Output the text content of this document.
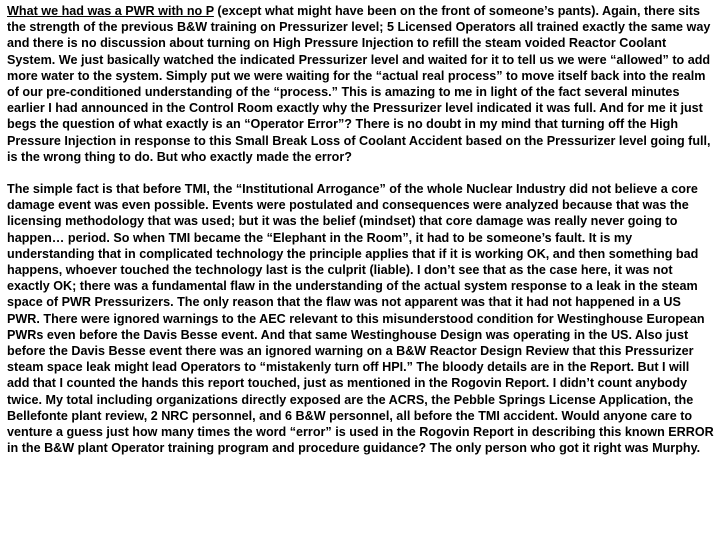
What we had was a PWR with no P (except what might have been on the front of someone’s pants). Again, there sits the strength of the previous B&W training on Pressurizer level; 5 Licensed Operators all trained exactly the same way and there is no discussion about turning on High Pressure Injection to refill the steam voided Reactor Coolant System. We just basically watched the indicated Pressurizer level and waited for it to tell us we were “allowed” to add more water to the system. Simply put we were waiting for the “actual real process” to move itself back into the realm of our pre-conditioned understanding of the “process.” This is amazing to me in light of the fact several minutes earlier I had announced in the Control Room exactly why the Pressurizer level indicated it was full. And for me it just begs the question of what exactly is an “Operator Error”? There is no doubt in my mind that turning off the High Pressure Injection in response to this Small Break Loss of Coolant Accident based on the Pressurizer level going full, is the wrong thing to do. But who exactly made the error?

The simple fact is that before TMI, the “Institutional Arrogance” of the whole Nuclear Industry did not believe a core damage event was even possible. Events were postulated and consequences were analyzed because that was the licensing methodology that was used; but it was the belief (mindset) that core damage was really never going to happen… period. So when TMI became the “Elephant in the Room”, it had to be someone’s fault. It is my understanding that in complicated technology the principle applies that if it is working OK, and then something bad happens, whoever touched the technology last is the culprit (liable). I don’t see that as the case here, it was not exactly OK; there was a fundamental flaw in the understanding of the actual system response to a leak in the steam space of PWR Pressurizers. The only reason that the flaw was not apparent was that it had not happened in a US PWR. There were ignored warnings to the AEC relevant to this misunderstood condition for Westinghouse European PWRs even before the Davis Besse event. And that same Westinghouse Design was operating in the US. Also just before the Davis Besse event there was an ignored warning on a B&W Reactor Design Review that this Pressurizer steam space leak might lead Operators to “mistakenly turn off HPI.” The bloody details are in the Report. But I will add that I counted the hands this report touched, just as mentioned in the Rogovin Report. I didn’t count anybody twice. My total including organizations directly exposed are the ACRS, the Pebble Springs License Application, the Bellefonte plant review, 2 NRC personnel, and 6 B&W personnel, all before the TMI accident. Would anyone care to venture a guess just how many times the word “error” is used in the Rogovin Report in describing this known ERROR in the B&W plant Operator training program and procedure guidance? The only person who got it right was Murphy.
